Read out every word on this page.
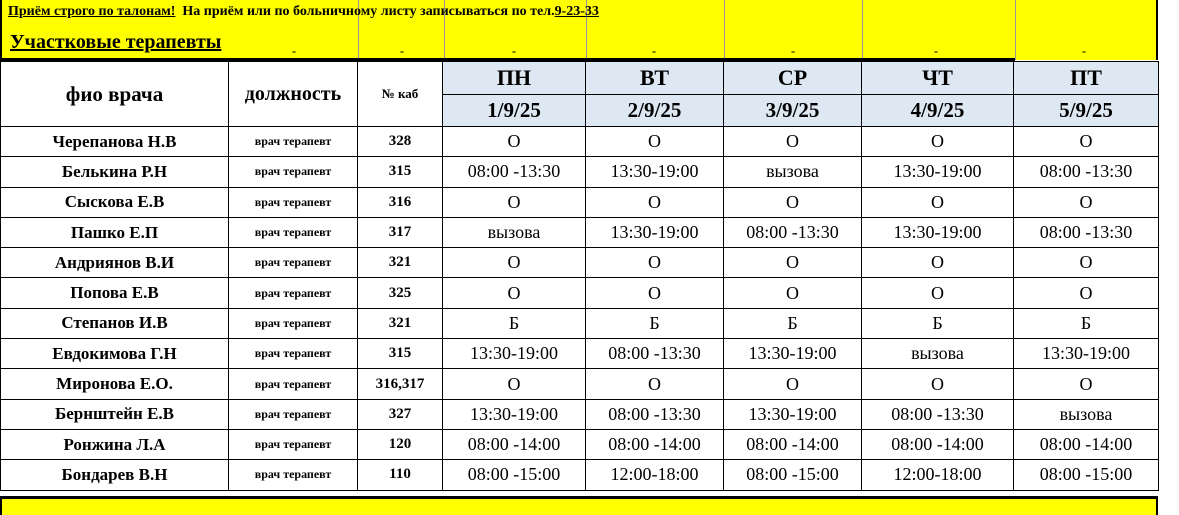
Приём строго по талонам! На приём или по больничному листу записываться по тел.9-23-33
Участковые терапевты	-	-	-	-	-	-	-
фио врача	должность	№ каб	ПН	ВТ	СР	ЧТ	ПТ
			1/9/25	2/9/25	3/9/25	4/9/25	5/9/25
Черепанова Н.В	врач терапевт	328	О	О	О	О	О
Белькина Р.Н	врач терапевт	315	08:00 -13:30	13:30-19:00	вызова	13:30-19:00	08:00 -13:30
Сыскова Е.В	врач терапевт	316	О	О	О	О	О
Пашко Е.П	врач терапевт	317	вызова	13:30-19:00	08:00 -13:30	13:30-19:00	08:00 -13:30
Андриянов В.И	врач терапевт	321	О	О	О	О	О
Попова Е.В	врач терапевт	325	О	О	О	О	О
Степанов И.В	врач терапевт	321	Б	Б	Б	Б	Б
Евдокимова Г.Н	врач терапевт	315	13:30-19:00	08:00 -13:30	13:30-19:00	вызова	13:30-19:00
Миронова Е.О.	врач терапевт	316,317	О	О	О	О	О
Бернштейн Е.В	врач терапевт	327	13:30-19:00	08:00 -13:30	13:30-19:00	08:00 -13:30	вызова
Ронжина Л.А	врач терапевт	120	08:00 -14:00	08:00 -14:00	08:00 -14:00	08:00 -14:00	08:00 -14:00
Бондарев В.Н	врач терапевт	110	08:00 -15:00	12:00-18:00	08:00 -15:00	12:00-18:00	08:00 -15:00
